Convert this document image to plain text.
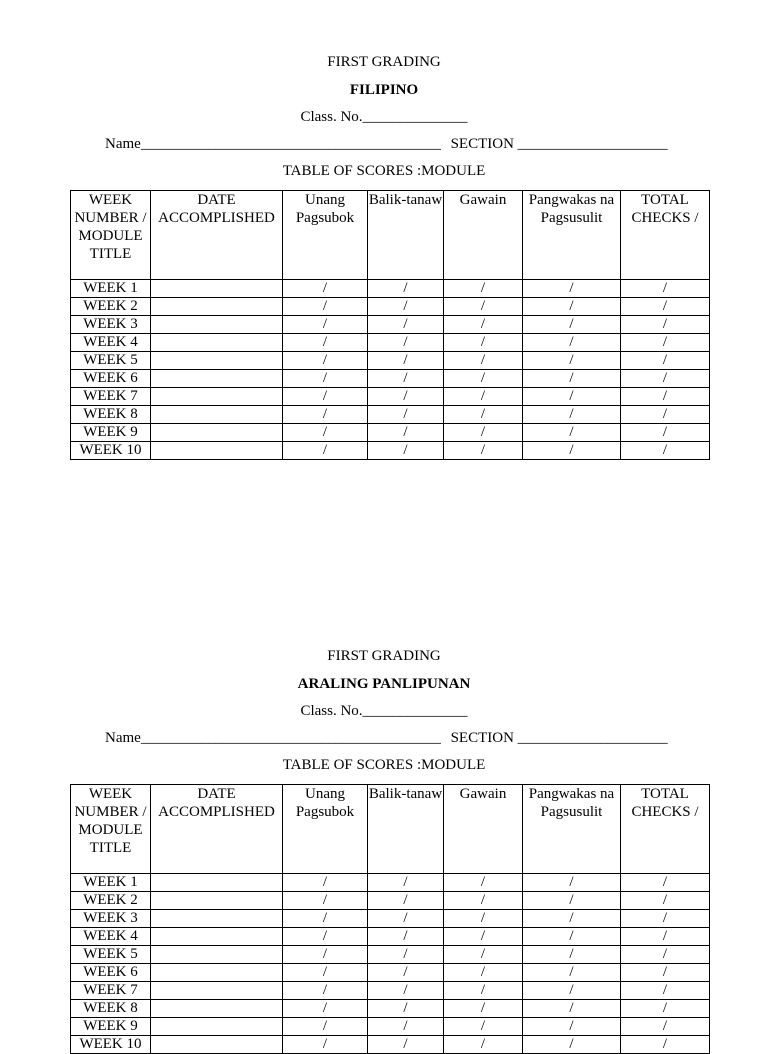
FIRST GRADING
FILIPINO
Class. No.______________
Name________________________________________ SECTION ____________________
TABLE OF SCORES :MODULE
WEEK NUMBER / MODULE TITLE	DATE ACCOMPLISHED	Unang Pagsubok	Balik-tanaw	Gawain	Pangwakas na Pagsusulit	TOTAL CHECKS /
WEEK 1		/	/	/	/	/
WEEK 2		/	/	/	/	/
WEEK 3		/	/	/	/	/
WEEK 4		/	/	/	/	/
WEEK 5		/	/	/	/	/
WEEK 6		/	/	/	/	/
WEEK 7		/	/	/	/	/
WEEK 8		/	/	/	/	/
WEEK 9		/	/	/	/	/
WEEK 10		/	/	/	/	/
FIRST GRADING
ARALING PANLIPUNAN
Class. No.______________
Name________________________________________ SECTION ____________________
TABLE OF SCORES :MODULE
WEEK NUMBER / MODULE TITLE	DATE ACCOMPLISHED	Unang Pagsubok	Balik-tanaw	Gawain	Pangwakas na Pagsusulit	TOTAL CHECKS /
WEEK 1		/	/	/	/	/
WEEK 2		/	/	/	/	/
WEEK 3		/	/	/	/	/
WEEK 4		/	/	/	/	/
WEEK 5		/	/	/	/	/
WEEK 6		/	/	/	/	/
WEEK 7		/	/	/	/	/
WEEK 8		/	/	/	/	/
WEEK 9		/	/	/	/	/
WEEK 10		/	/	/	/	/
